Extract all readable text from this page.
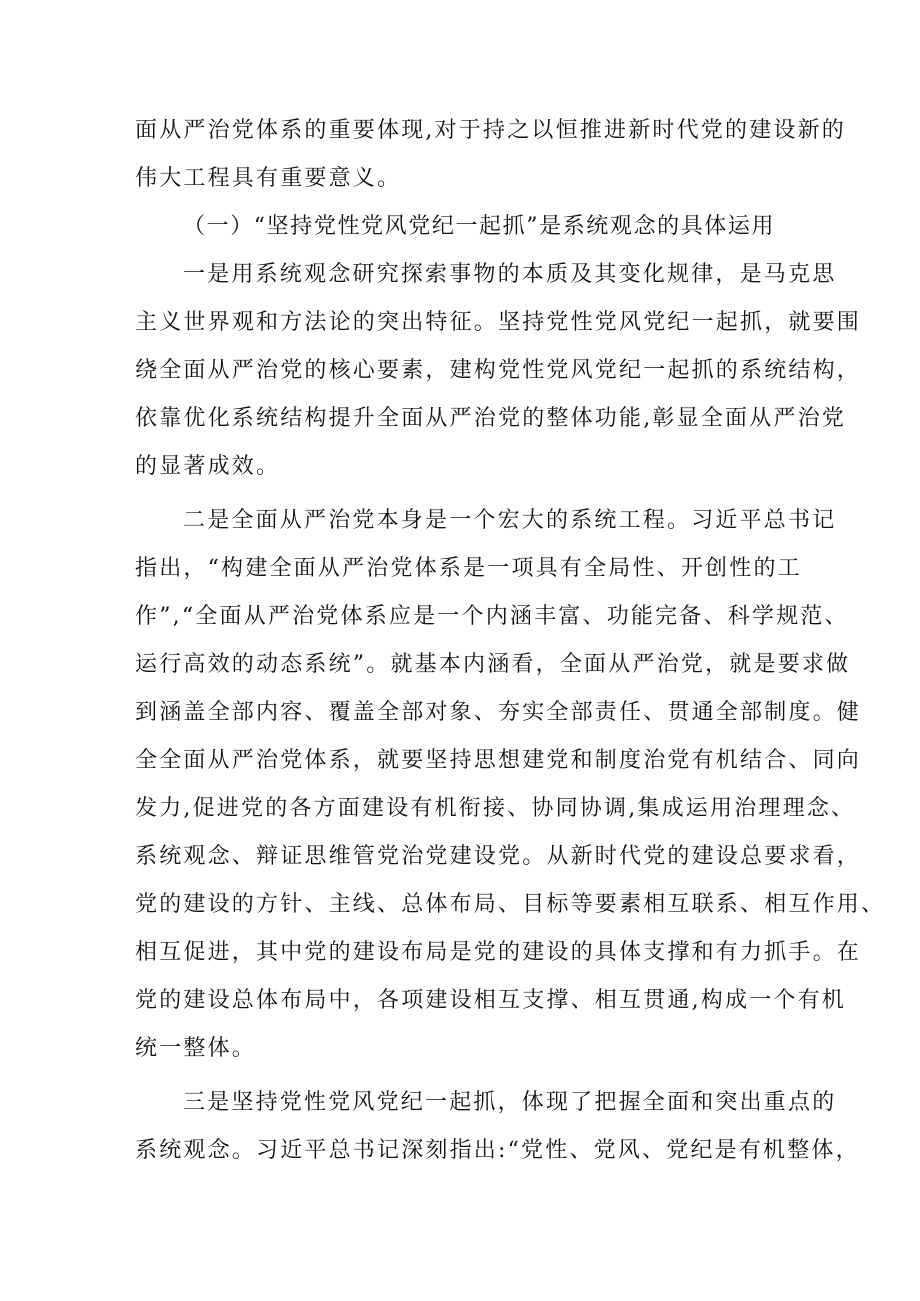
面从严治党体系的重要体现,对于持之以恒推进新时代党的建设新的

伟大工程具有重要意义。

（一）“坚持党性党风党纪一起抓”是系统观念的具体运用

一是用系统观念研究探索事物的本质及其变化规律，是马克思

主义世界观和方法论的突出特征。坚持党性党风党纪一起抓，就要围

绕全面从严治党的核心要素，建构党性党风党纪一起抓的系统结构，

依靠优化系统结构提升全面从严治党的整体功能,彰显全面从严治党

的显著成效。

二是全面从严治党本身是一个宏大的系统工程。习近平总书记

指出，“构建全面从严治党体系是一项具有全局性、开创性的工

作”,“全面从严治党体系应是一个内涵丰富、功能完备、科学规范、

运行高效的动态系统”。就基本内涵看，全面从严治党，就是要求做

到涵盖全部内容、覆盖全部对象、夯实全部责任、贯通全部制度。健

全全面从严治党体系，就要坚持思想建党和制度治党有机结合、同向

发力,促进党的各方面建设有机衔接、协同协调,集成运用治理理念、

系统观念、辩证思维管党治党建设党。从新时代党的建设总要求看，

党的建设的方针、主线、总体布局、目标等要素相互联系、相互作用、

相互促进，其中党的建设布局是党的建设的具体支撑和有力抓手。在

党的建设总体布局中，各项建设相互支撑、相互贯通,构成一个有机

统一整体。

三是坚持党性党风党纪一起抓，体现了把握全面和突出重点的

系统观念。习近平总书记深刻指出:“党性、党风、党纪是有机整体，
